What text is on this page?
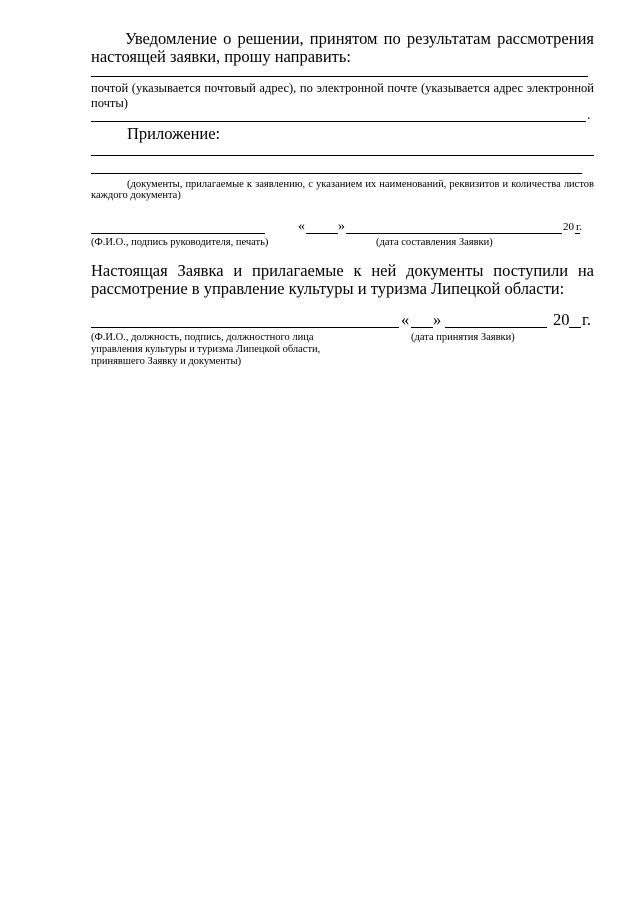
Уведомление о решении, принятом по результатам рассмотрения настоящей заявки, прошу направить:
почтой (указывается почтовый адрес), по электронной почте (указывается адрес электронной почты)
.
Приложение:
(документы, прилагаемые к заявлению, с указанием их наименований, реквизитов и количества листов каждого документа)
« »	20 г.
(Ф.И.О., подпись руководителя, печать)	(дата составления Заявки)
Настоящая Заявка и прилагаемые к ней документы поступили на рассмотрение в управление культуры и туризма Липецкой области:
« »	20 г.
(Ф.И.О., должность, подпись, должностного лица
управления культуры и туризма Липецкой области,
принявшего Заявку и документы)
(дата принятия Заявки)
